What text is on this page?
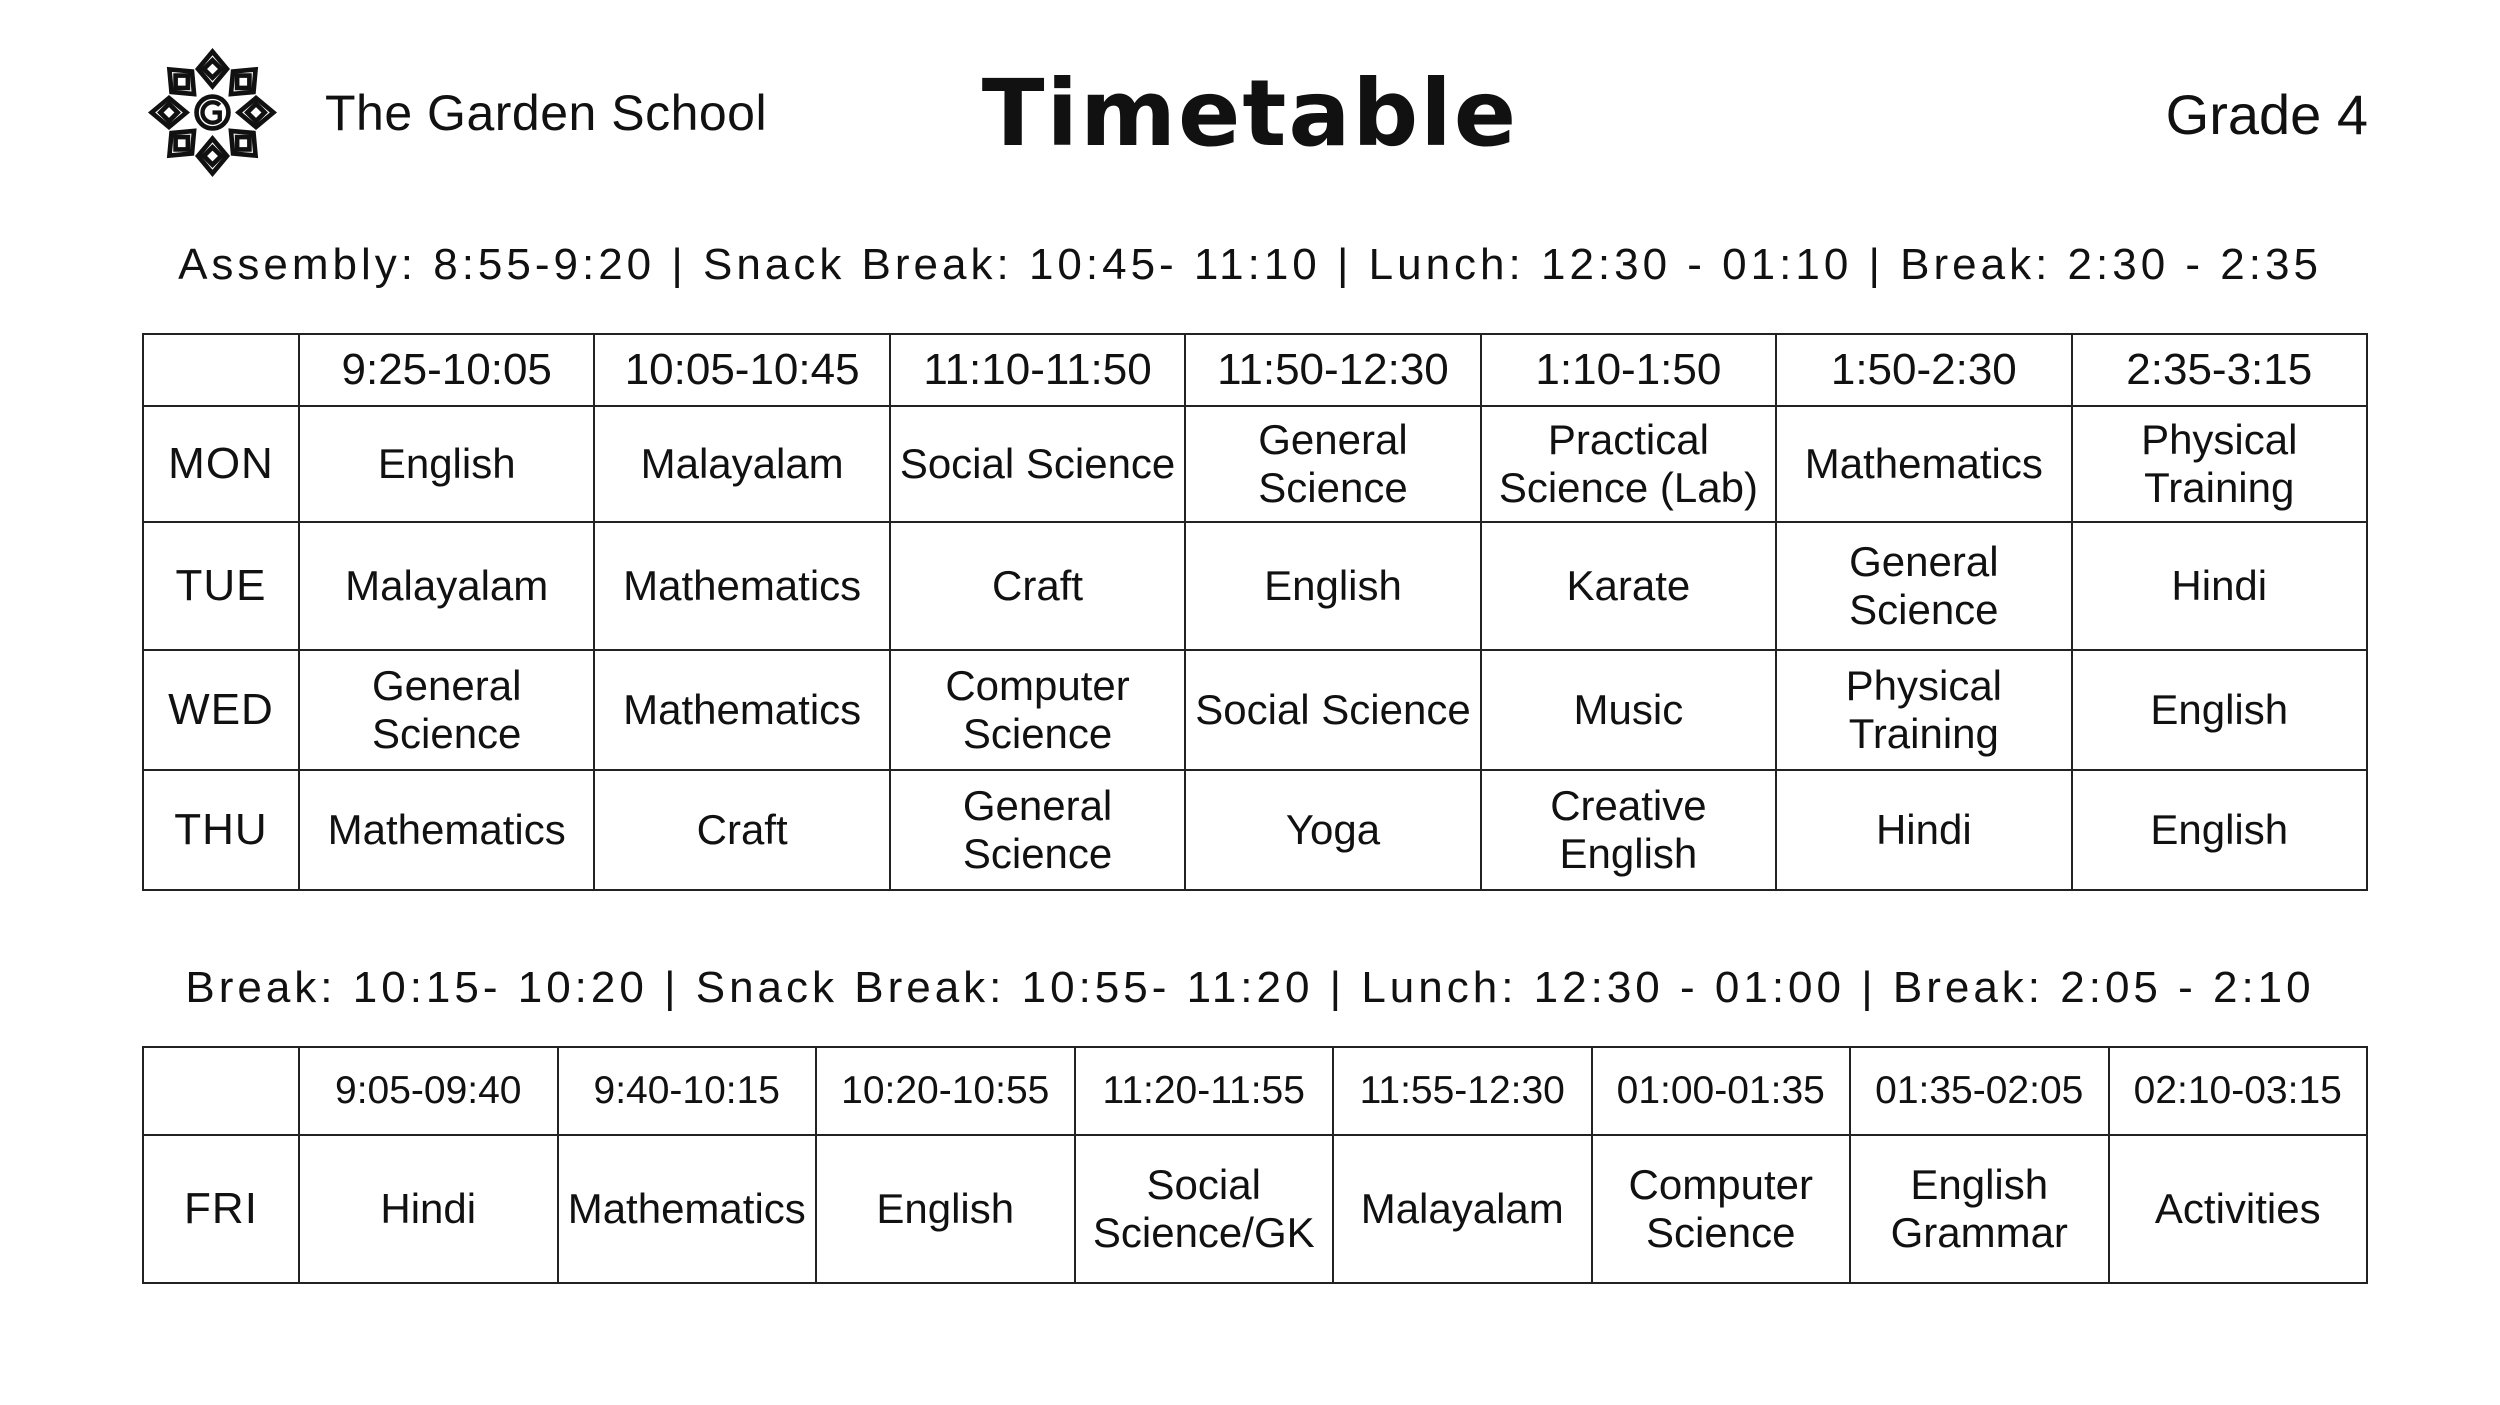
The Garden School	Timetable	Grade 4
Assembly: 8:55-9:20 | Snack Break: 10:45- 11:10 | Lunch: 12:30 - 01:10 | Break: 2:30 - 2:35
	9:25-10:05	10:05-10:45	11:10-11:50	11:50-12:30	1:10-1:50	1:50-2:30	2:35-3:15
MON	English	Malayalam	Social Science	General Science	Practical Science (Lab)	Mathematics	Physical Training
TUE	Malayalam	Mathematics	Craft	English	Karate	General Science	Hindi
WED	General Science	Mathematics	Computer Science	Social Science	Music	Physical Training	English
THU	Mathematics	Craft	General Science	Yoga	Creative English	Hindi	English
Break: 10:15- 10:20 | Snack Break: 10:55- 11:20 | Lunch: 12:30 - 01:00 | Break: 2:05 - 2:10
	9:05-09:40	9:40-10:15	10:20-10:55	11:20-11:55	11:55-12:30	01:00-01:35	01:35-02:05	02:10-03:15
FRI	Hindi	Mathematics	English	Social Science/GK	Malayalam	Computer Science	English Grammar	Activities
